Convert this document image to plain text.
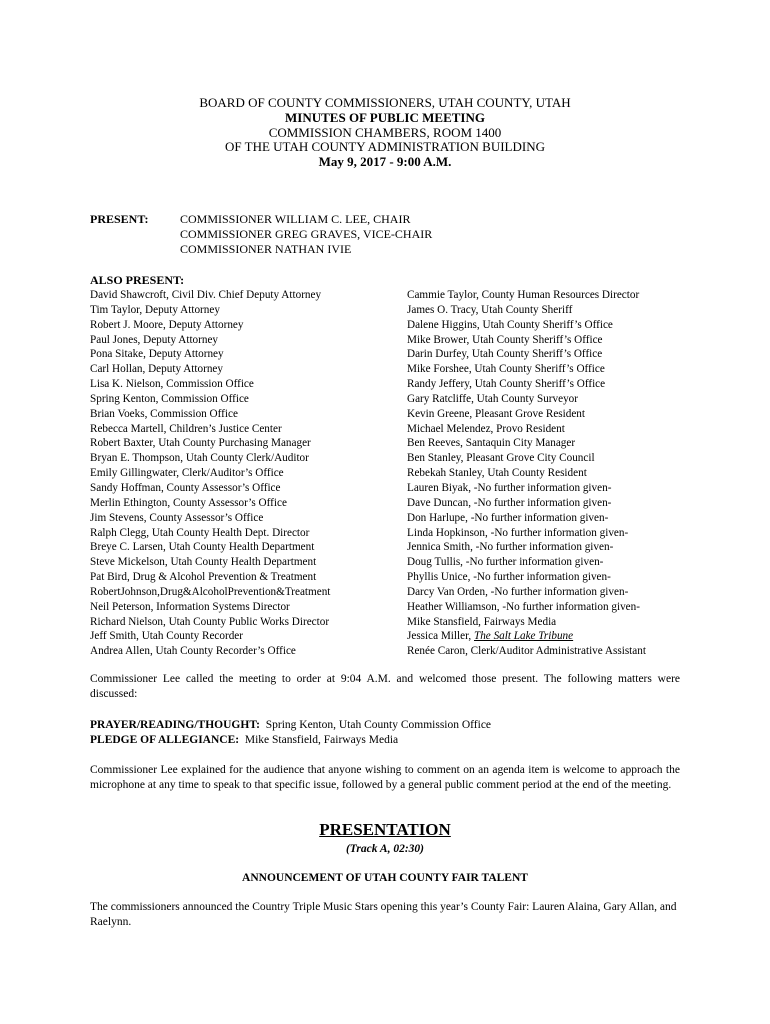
BOARD OF COUNTY COMMISSIONERS, UTAH COUNTY, UTAH
MINUTES OF PUBLIC MEETING
COMMISSION CHAMBERS, ROOM 1400
OF THE UTAH COUNTY ADMINISTRATION BUILDING
May 9, 2017 - 9:00 A.M.
PRESENT:	COMMISSIONER WILLIAM C. LEE, CHAIR
COMMISSIONER GREG GRAVES, VICE-CHAIR
COMMISSIONER NATHAN IVIE
ALSO PRESENT:
David Shawcroft, Civil Div. Chief Deputy Attorney
Tim Taylor, Deputy Attorney
Robert J. Moore, Deputy Attorney
Paul Jones, Deputy Attorney
Pona Sitake, Deputy Attorney
Carl Hollan, Deputy Attorney
Lisa K. Nielson, Commission Office
Spring Kenton, Commission Office
Brian Voeks, Commission Office
Rebecca Martell, Children’s Justice Center
Robert Baxter, Utah County Purchasing Manager
Bryan E. Thompson, Utah County Clerk/Auditor
Emily Gillingwater, Clerk/Auditor’s Office
Sandy Hoffman, County Assessor’s Office
Merlin Ethington, County Assessor’s Office
Jim Stevens, County Assessor’s Office
Ralph Clegg, Utah County Health Dept. Director
Breye C. Larsen, Utah County Health Department
Steve Mickelson, Utah County Health Department
Pat Bird, Drug & Alcohol Prevention & Treatment
RobertJohnson,Drug&AlcoholPrevention&Treatment
Neil Peterson, Information Systems Director
Richard Nielson, Utah County Public Works Director
Jeff Smith, Utah County Recorder
Andrea Allen, Utah County Recorder’s Office
Cammie Taylor, County Human Resources Director
James O. Tracy, Utah County Sheriff
Dalene Higgins, Utah County Sheriff’s Office
Mike Brower, Utah County Sheriff’s Office
Darin Durfey, Utah County Sheriff’s Office
Mike Forshee, Utah County Sheriff’s Office
Randy Jeffery, Utah County Sheriff’s Office
Gary Ratcliffe, Utah County Surveyor
Kevin Greene, Pleasant Grove Resident
Michael Melendez, Provo Resident
Ben Reeves, Santaquin City Manager
Ben Stanley, Pleasant Grove City Council
Rebekah Stanley, Utah County Resident
Lauren Biyak, -No further information given-
Dave Duncan, -No further information given-
Don Harlupe, -No further information given-
Linda Hopkinson, -No further information given-
Jennica Smith, -No further information given-
Doug Tullis, -No further information given-
Phyllis Unice, -No further information given-
Darcy Van Orden, -No further information given-
Heather Williamson, -No further information given-
Mike Stansfield, Fairways Media
Jessica Miller, The Salt Lake Tribune
Renée Caron, Clerk/Auditor Administrative Assistant
Commissioner Lee called the meeting to order at 9:04 A.M. and welcomed those present. The following matters were discussed:
PRAYER/READING/THOUGHT: Spring Kenton, Utah County Commission Office
PLEDGE OF ALLEGIANCE: Mike Stansfield, Fairways Media
Commissioner Lee explained for the audience that anyone wishing to comment on an agenda item is welcome to approach the microphone at any time to speak to that specific issue, followed by a general public comment period at the end of the meeting.
PRESENTATION
(Track A, 02:30)
ANNOUNCEMENT OF UTAH COUNTY FAIR TALENT
The commissioners announced the Country Triple Music Stars opening this year’s County Fair: Lauren Alaina, Gary Allan, and Raelynn.
